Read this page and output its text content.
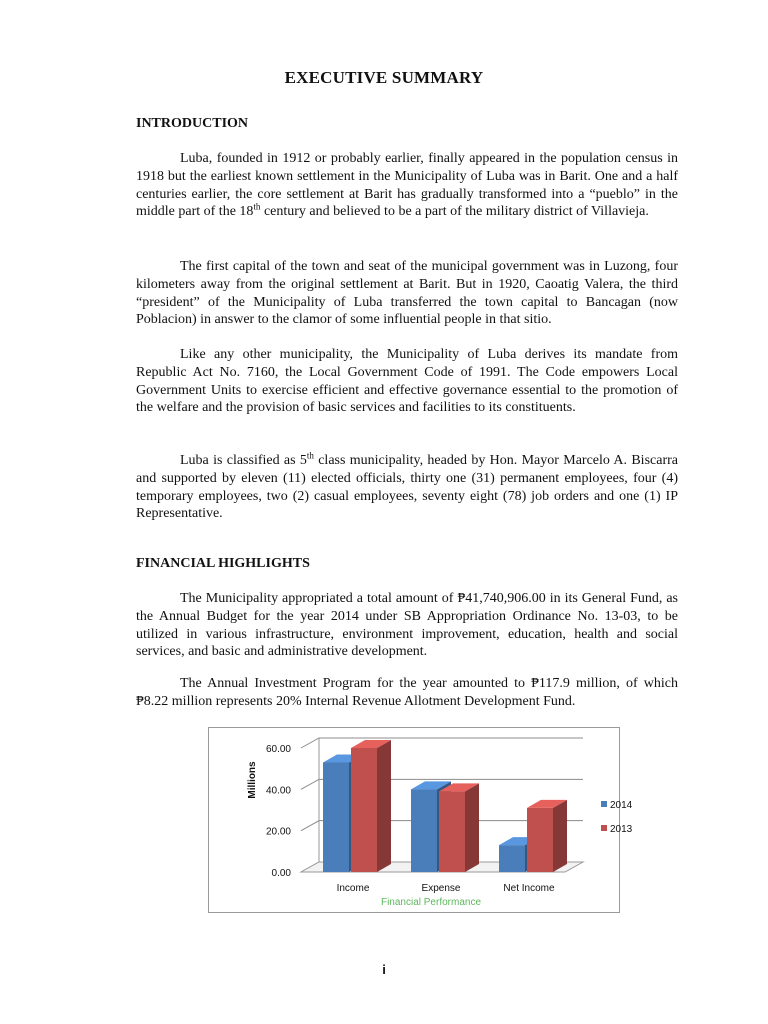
EXECUTIVE SUMMARY
INTRODUCTION

Luba, founded in 1912 or probably earlier, finally appeared in the population census in 1918 but the earliest known settlement in the Municipality of Luba was in Barit. One and a half centuries earlier, the core settlement at Barit has gradually transformed into a “pueblo” in the middle part of the 18th century and believed to be a part of the military district of Villavieja.

The first capital of the town and seat of the municipal government was in Luzong, four kilometers away from the original settlement at Barit. But in 1920, Caoatig Valera, the third “president” of the Municipality of Luba transferred the town capital to Bancagan (now Poblacion) in answer to the clamor of some influential people in that sitio.

Like any other municipality, the Municipality of Luba derives its mandate from Republic Act No. 7160, the Local Government Code of 1991. The Code empowers Local Government Units to exercise efficient and effective governance essential to the promotion of the welfare and the provision of basic services and facilities to its constituents.

Luba is classified as 5th class municipality, headed by Hon. Mayor Marcelo A. Biscarra and supported by eleven (11) elected officials, thirty one (31) permanent employees, four (4) temporary employees, two (2) casual employees, seventy eight (78) job orders and one (1) IP Representative.

FINANCIAL HIGHLIGHTS

The Municipality appropriated a total amount of ₱41,740,906.00 in its General Fund, as the Annual Budget for the year 2014 under SB Appropriation Ordinance No. 13-03, to be utilized in various infrastructure, environment improvement, education, health and social services, and basic and administrative development.

The Annual Investment Program for the year amounted to ₱117.9 million, of which ₱8.22 million represents 20% Internal Revenue Allotment Development Fund.

0.00
20.00
40.00
60.00
Millions
Income	Expense	Net Income
Financial Performance
2014
2013
i
